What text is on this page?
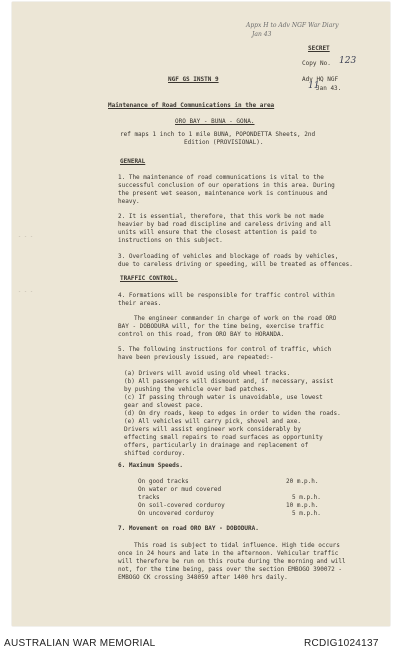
- - -
- - -
Appx H to Adv NGF War Diary
Jan 43
SECRET
Copy No. 123
NGF GS INSTN 9	Adv HQ NGF
11
Jan 43.
Maintenance of Road Communications in the area
ORO BAY - BUNA - GONA.
ref maps 1 inch to 1 mile BUNA, POPONDETTA Sheets, 2nd
Edition (PROVISIONAL).
GENERAL
1. The maintenance of road communications is vital to the
successful conclusion of our operations in this area. During
the present wet season, maintenance work is continuous and
heavy.
2. It is essential, therefore, that this work be not made
heavier by bad road discipline and careless driving and all
units will ensure that the closest attention is paid to
instructions on this subject.
3. Overloading of vehicles and blockage of roads by vehicles,
due to careless driving or speeding, will be treated as offences.
TRAFFIC CONTROL.
4. Formations will be responsible for traffic control within
their areas.
The engineer commander in charge of work on the road ORO
BAY - DOBODURA will, for the time being, exercise traffic
control on this road, from ORO BAY to HORANDA.
5. The following instructions for control of traffic, which
have been previously issued, are repeated:-
(a) Drivers will avoid using old wheel tracks.
(b) All passengers will dismount and, if necessary, assist
by pushing the vehicle over bad patches.
(c) If passing through water is unavoidable, use lowest
gear and slowest pace.
(d) On dry roads, keep to edges in order to widen the roads.
(e) All vehicles will carry pick, shovel and axe.
Drivers will assist engineer work considerably by
effecting small repairs to road surfaces as opportunity
offers, particularly in drainage and replacement of
shifted corduroy.
6. Maximum Speeds.
On good tracks	20 m.p.h.
On water or mud covered
tracks	5 m.p.h.
On soil-covered corduroy	10 m.p.h.
On uncovered corduroy	5 m.p.h.
7. Movement on road ORO BAY - DOBODURA.
This road is subject to tidal influence. High tide occurs
once in 24 hours and late in the afternoon. Vehicular traffic
will therefore be run on this route during the morning and will
not, for the time being, pass over the section EMBOGO 390072 -
EMBOGO CK crossing 348059 after 1400 hrs daily.
AUSTRALIAN WAR MEMORIAL	RCDIG1024137
